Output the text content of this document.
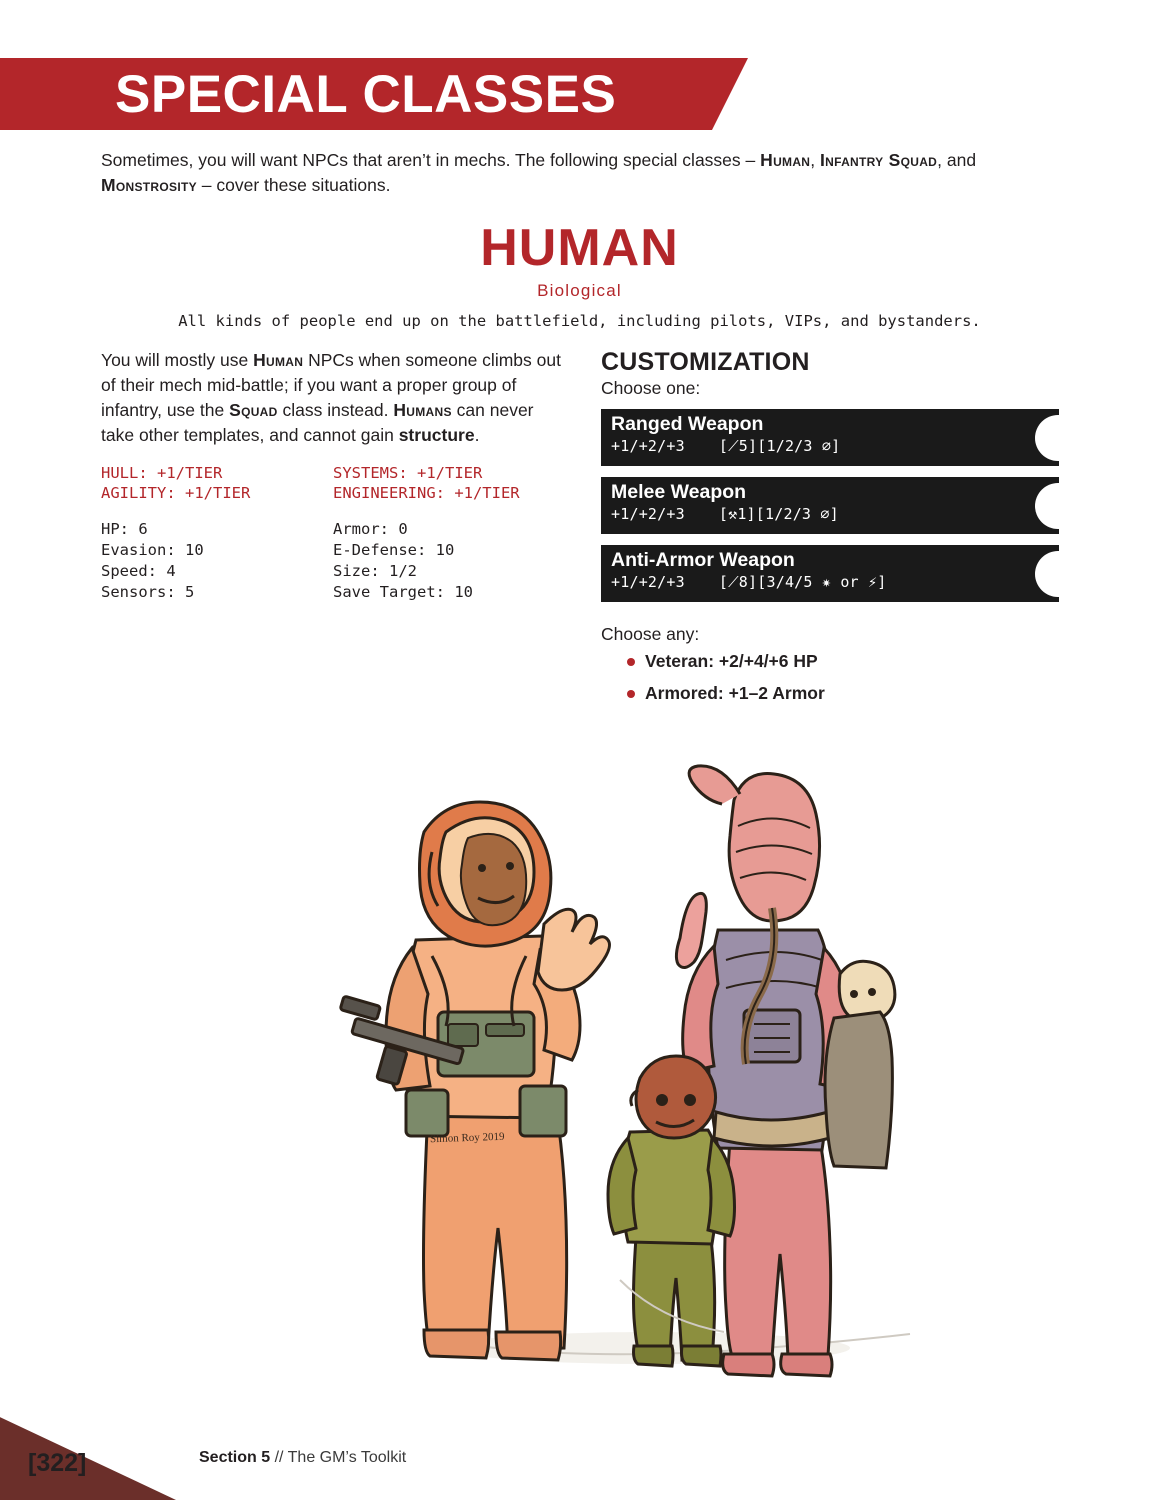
SPECIAL CLASSES
Sometimes, you will want NPCs that aren’t in mechs. The following special classes – Human, Infantry Squad, and Monstrosity – cover these situations.
HUMAN
Biological
All kinds of people end up on the battlefield, including pilots, VIPs, and bystanders.

You will mostly use Human NPCs when someone climbs out of their mech mid-battle; if you want a proper group of infantry, use the Squad class instead. Humans can never take other templates, and cannot gain structure.

HULL: +1/TIER	SYSTEMS: +1/TIER
AGILITY: +1/TIER	ENGINEERING: +1/TIER
HP: 6	Armor: 0
Evasion: 10	E-Defense: 10
Speed: 4	Size: 1/2
Sensors: 5	Save Target: 10
CUSTOMIZATION
Choose one:
Ranged Weapon
+1/+2/+3 [⟋5][1/2/3 ⌀]
Melee Weapon
+1/+2/+3 [⚒1][1/2/3 ⌀]
Anti-Armor Weapon
+1/+2/+3 [⟋8][3/4/5 ✷ or ⚡]
Choose any:
Veteran: +2/+4/+6 HP
Armored: +1–2 Armor
Simon Roy 2019
[322]	Section 5 // The GM’s Toolkit
